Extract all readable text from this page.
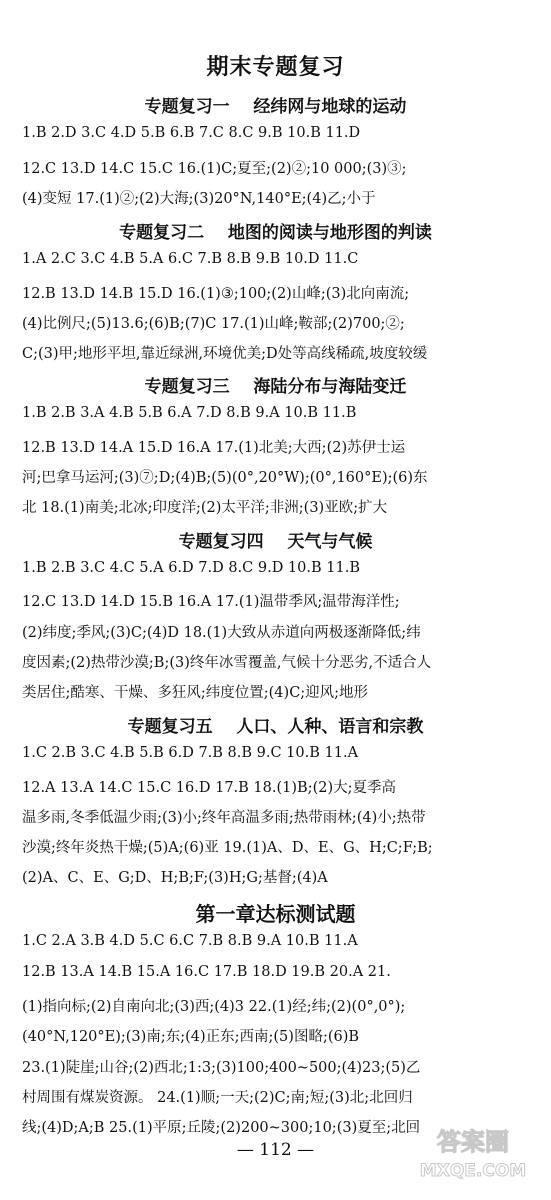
期末专题复习
专题复习一    经纬网与地球的运动
1.B 2.D 3.C 4.D 5.B 6.B 7.C 8.C 9.B 10.B 11.D
12.C 13.D 14.C 15.C 16.(1)C;夏至;(2)②;10 000;(3)③;
(4)变短 17.(1)②;(2)大海;(3)20°N,140°E;(4)乙;小于
专题复习二    地图的阅读与地形图的判读
1.A 2.C 3.C 4.B 5.A 6.C 7.B 8.B 9.B 10.D 11.C
12.B 13.D 14.B 15.D 16.(1)③;100;(2)山峰;(3)北向南流;
(4)比例尺;(5)13.6;(6)B;(7)C 17.(1)山峰;鞍部;(2)700;②;
C;(3)甲;地形平坦,靠近绿洲,环境优美;D处等高线稀疏,坡度较缓
专题复习三    海陆分布与海陆变迁
1.B 2.B 3.A 4.B 5.B 6.A 7.D 8.B 9.A 10.B 11.B
12.B 13.D 14.A 15.D 16.A 17.(1)北美;大西;(2)苏伊士运
河;巴拿马运河;(3)⑦;D;(4)B;(5)(0°,20°W);(0°,160°E);(6)东
北 18.(1)南美;北冰;印度洋;(2)太平洋;非洲;(3)亚欧;扩大
专题复习四    天气与气候
1.B 2.B 3.C 4.C 5.A 6.D 7.D 8.C 9.D 10.B 11.B
12.C 13.D 14.D 15.B 16.A 17.(1)温带季风;温带海洋性;
(2)纬度;季风;(3)C;(4)D 18.(1)大致从赤道向两极逐渐降低;纬
度因素;(2)热带沙漠;B;(3)终年冰雪覆盖,气候十分恶劣,不适合人
类居住;酷寒、干燥、多狂风;纬度位置;(4)C;迎风;地形
专题复习五    人口、人种、语言和宗教
1.C 2.B 3.C 4.B 5.B 6.D 7.B 8.B 9.C 10.B 11.A
12.A 13.A 14.C 15.C 16.D 17.B 18.(1)B;(2)大;夏季高
温多雨,冬季低温少雨;(3)小;终年高温多雨;热带雨林;(4)小;热带
沙漠;终年炎热干燥;(5)A;(6)亚 19.(1)A、D、E、G、H;C;F;B;
(2)A、C、E、G;D、H;B;F;(3)H;G;基督;(4)A
第一章达标测试题
1.C 2.A 3.B 4.D 5.C 6.C 7.B 8.B 9.A 10.B 11.A
12.B 13.A 14.B 15.A 16.C 17.B 18.D 19.B 20.A 21.
(1)指向标;(2)自南向北;(3)西;(4)3 22.(1)经;纬;(2)(0°,0°);
(40°N,120°E);(3)南;东;(4)正东;西南;(5)图略;(6)B
23.(1)陡崖;山谷;(2)西北;1:3;(3)100;400~500;(4)23;(5)乙
村周围有煤炭资源。 24.(1)顺;一天;(2)C;南;短;(3)北;北回归
线;(4)D;A;B 25.(1)平原;丘陵;(2)200~300;10;(3)夏至;北回
— 112 —	答案圈
MXQE.COM
